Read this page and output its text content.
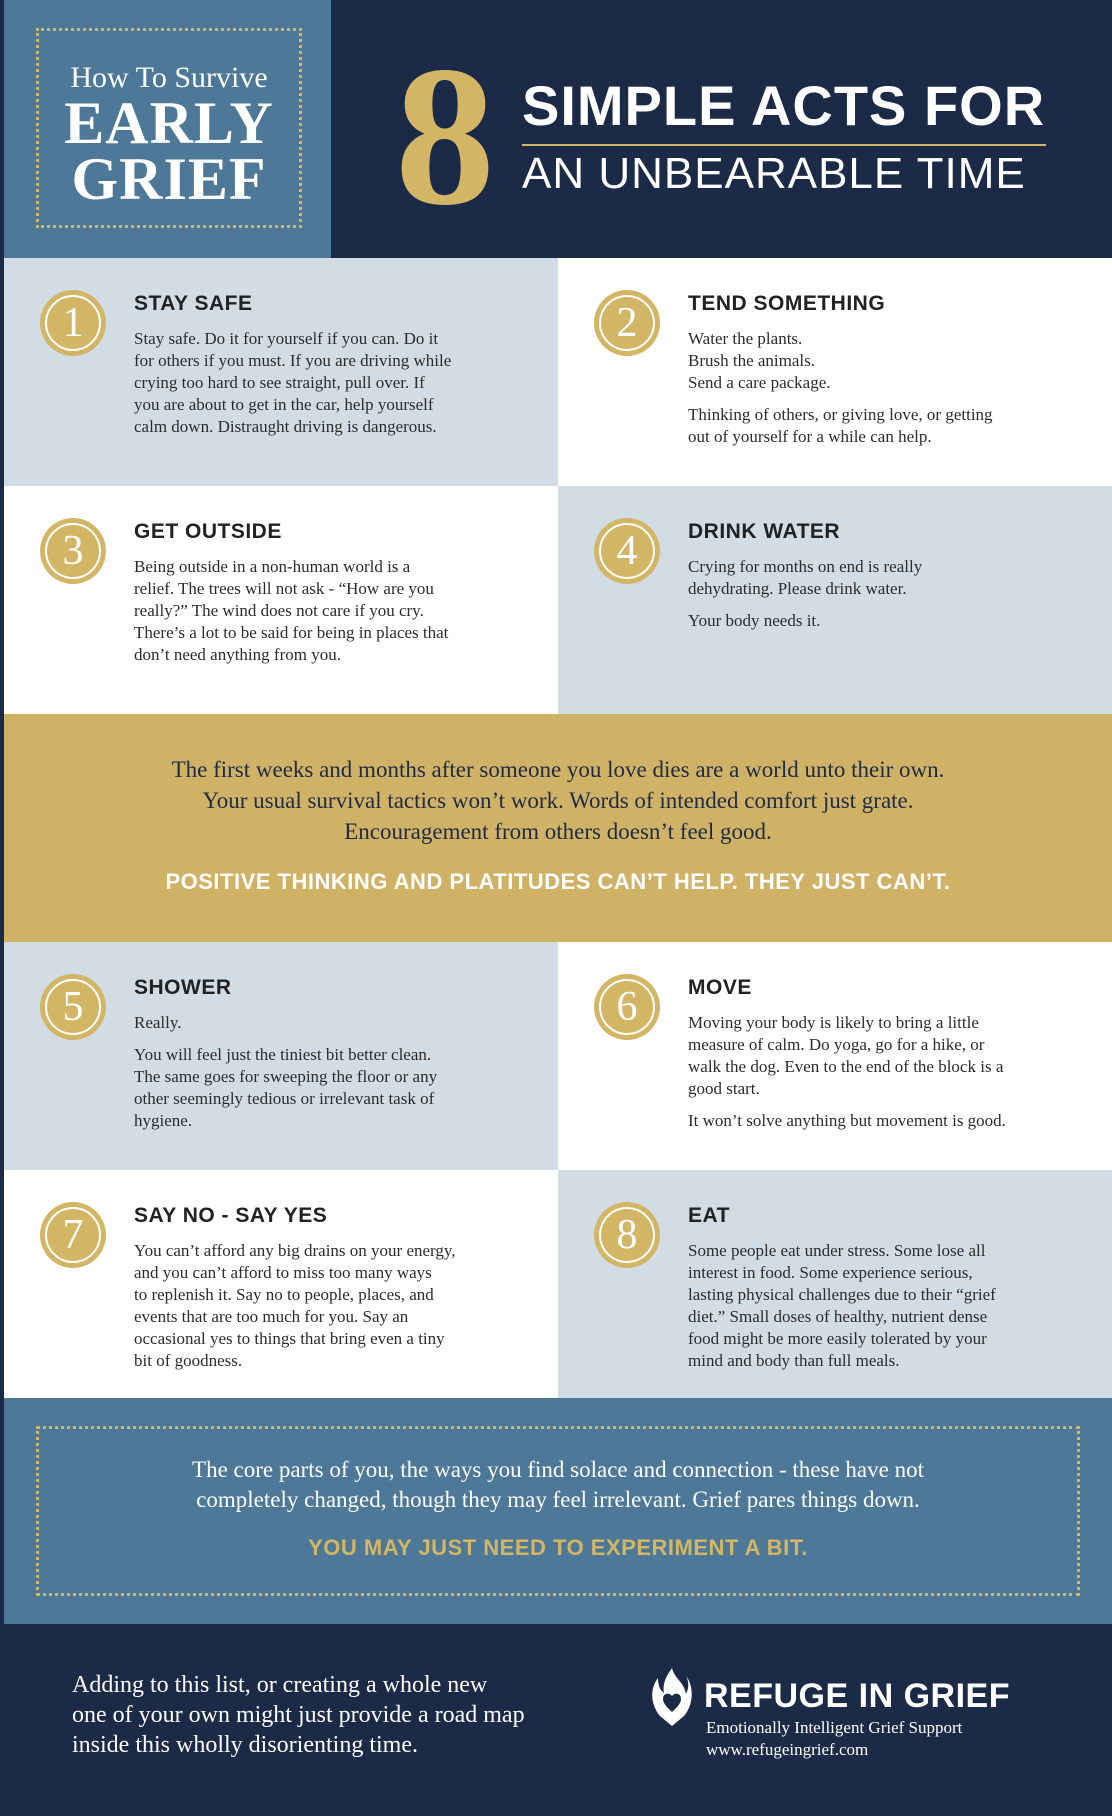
How To Survive
EARLY
GRIEF 8 SIMPLE ACTS FOR
AN UNBEARABLE TIME
1	STAY SAFE

Stay safe. Do it for yourself if you can. Do it
for others if you must. If you are driving while
crying too hard to see straight, pull over. If
you are about to get in the car, help yourself
calm down. Distraught driving is dangerous.

2	TEND SOMETHING

Water the plants.
Brush the animals.
Send a care package.

Thinking of others, or giving love, or getting
out of yourself for a while can help.

3	GET OUTSIDE

Being outside in a non-human world is a
relief. The trees will not ask - “How are you
really?” The wind does not care if you cry.
There’s a lot to be said for being in places that
don’t need anything from you.

4	DRINK WATER

Crying for months on end is really
dehydrating. Please drink water.

Your body needs it.

The first weeks and months after someone you love dies are a world unto their own.
Your usual survival tactics won’t work. Words of intended comfort just grate.
Encouragement from others doesn’t feel good.
POSITIVE THINKING AND PLATITUDES CAN’T HELP. THEY JUST CAN’T.
5	SHOWER

Really.

You will feel just the tiniest bit better clean.
The same goes for sweeping the floor or any
other seemingly tedious or irrelevant task of
hygiene.

6	MOVE

Moving your body is likely to bring a little
measure of calm. Do yoga, go for a hike, or
walk the dog. Even to the end of the block is a
good start.

It won’t solve anything but movement is good.

7	SAY NO - SAY YES

You can’t afford any big drains on your energy,
and you can’t afford to miss too many ways
to replenish it. Say no to people, places, and
events that are too much for you. Say an
occasional yes to things that bring even a tiny
bit of goodness.

8	EAT

Some people eat under stress. Some lose all
interest in food. Some experience serious,
lasting physical challenges due to their “grief
diet.” Small doses of healthy, nutrient dense
food might be more easily tolerated by your
mind and body than full meals.

The core parts of you, the ways you find solace and connection - these have not
completely changed, though they may feel irrelevant. Grief pares things down.
YOU MAY JUST NEED TO EXPERIMENT A BIT.
Adding to this list, or creating a whole new
one of your own might just provide a road map
inside this wholly disorienting time.
REFUGE IN GRIEF
Emotionally Intelligent Grief Support
www.refugeingrief.com
